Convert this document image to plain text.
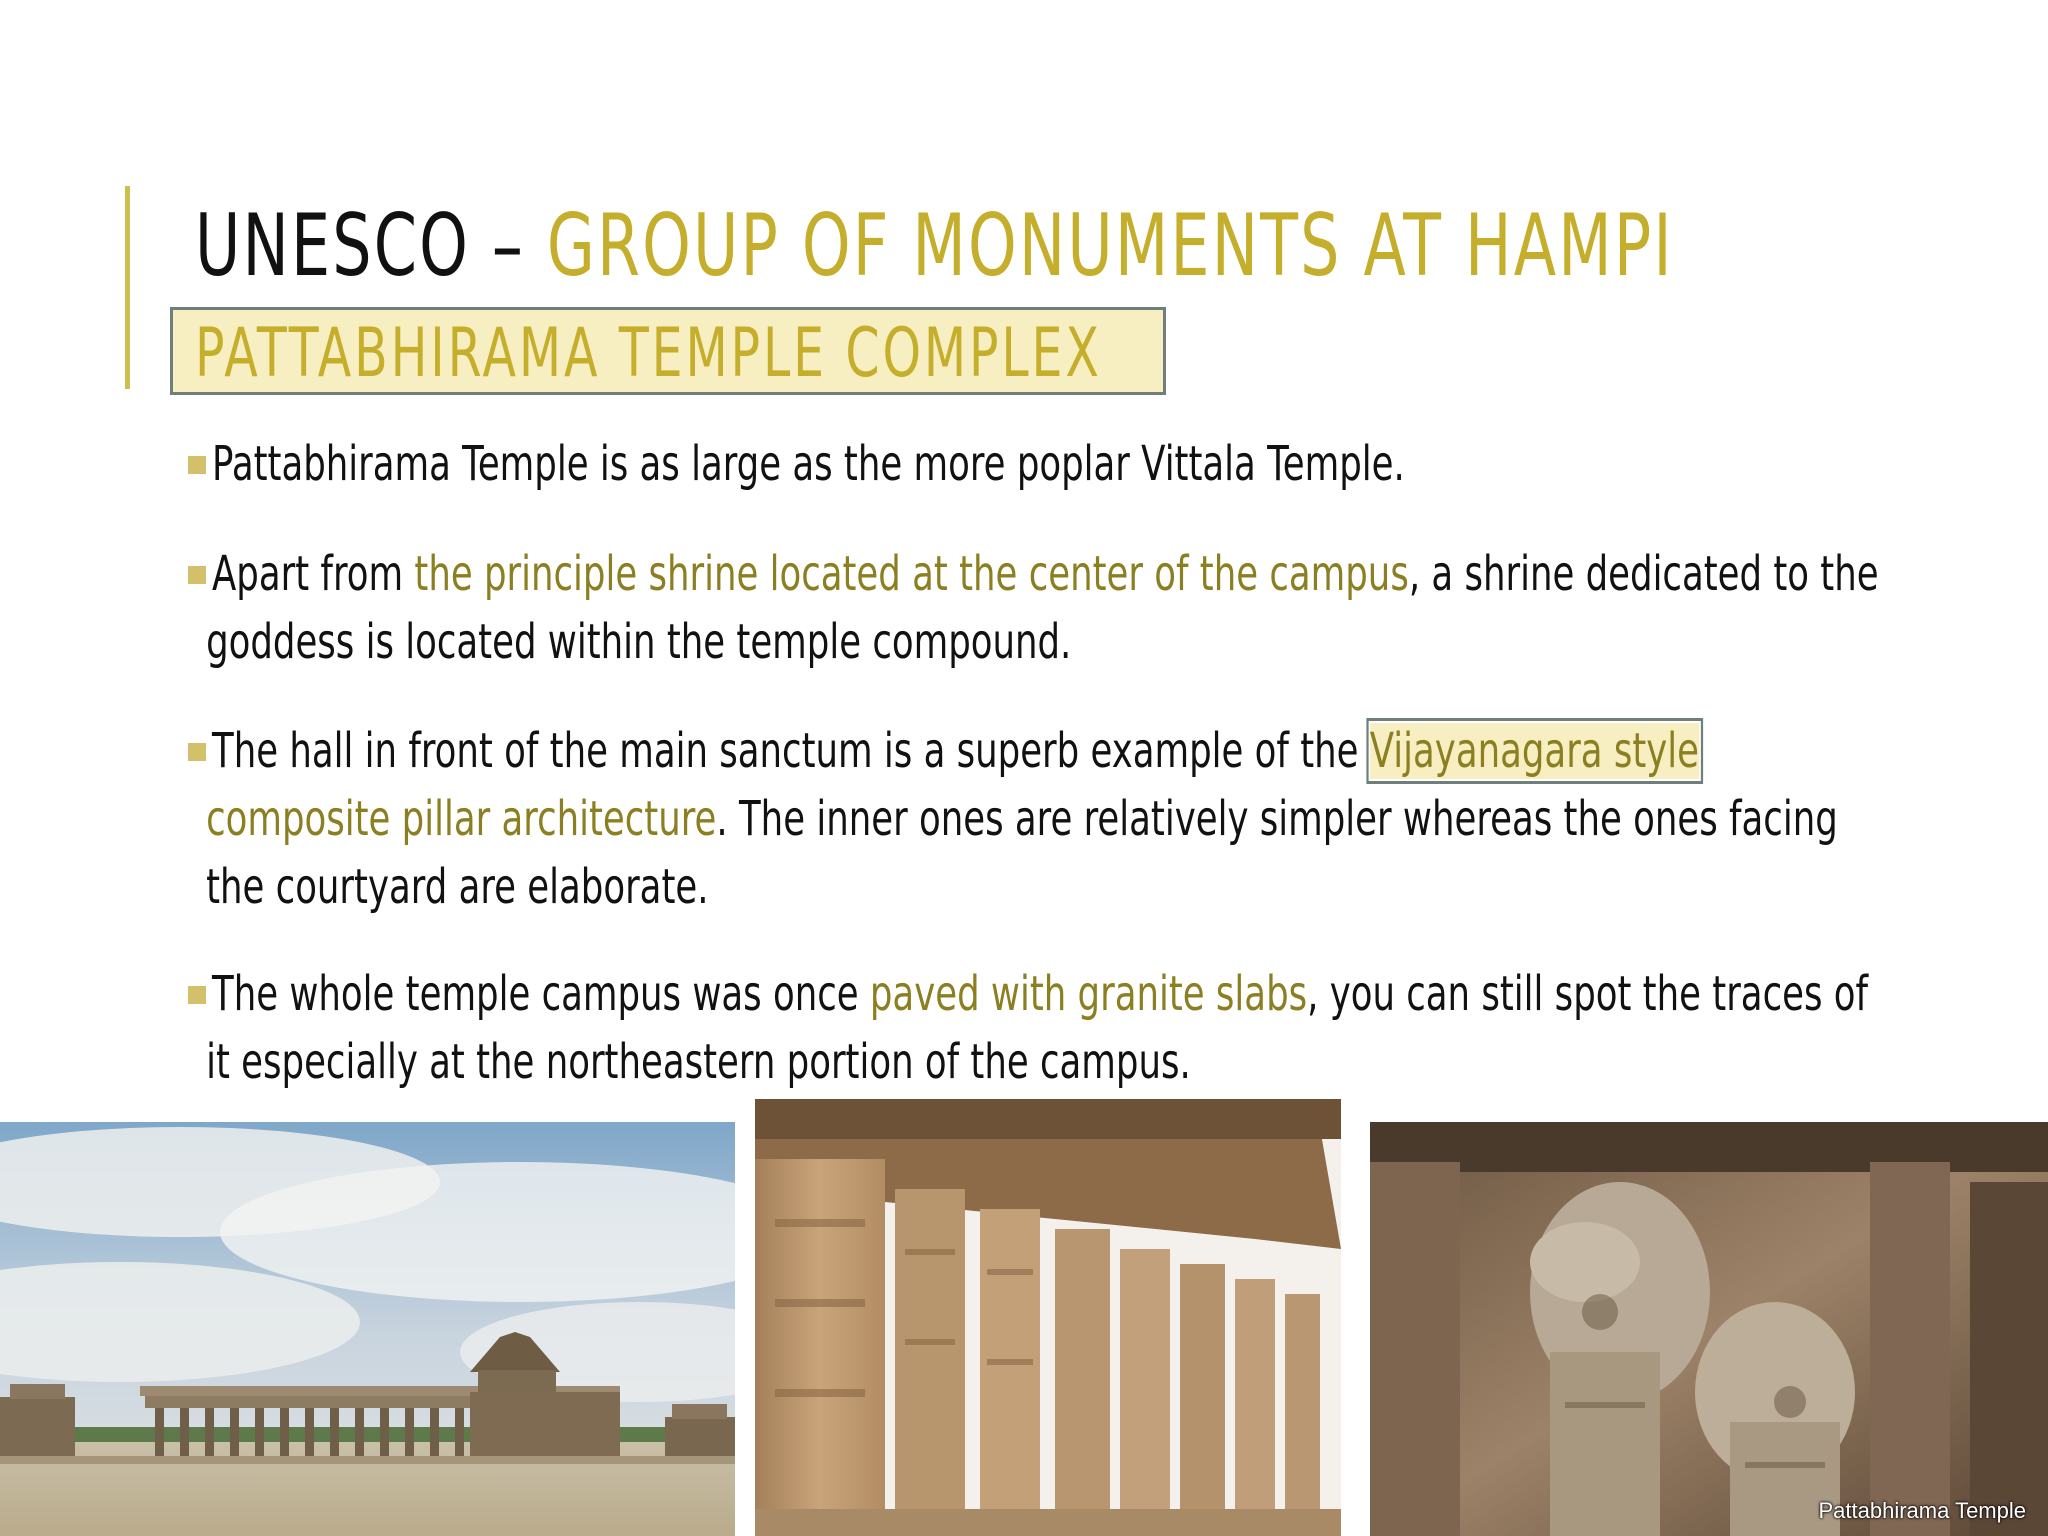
UNESCO – GROUP OF MONUMENTS AT HAMPI
PATTABHIRAMA TEMPLE COMPLEX
Pattabhirama Temple is as large as the more poplar Vittala Temple.
Apart from the principle shrine located at the center of the campus, a shrine dedicated to the
goddess is located within the temple compound.
The hall in front of the main sanctum is a superb example of the Vijayanagara style
composite pillar architecture. The inner ones are relatively simpler whereas the ones facing
the courtyard are elaborate.
The whole temple campus was once paved with granite slabs, you can still spot the traces of
it especially at the northeastern portion of the campus.
Pattabhirama Temple
